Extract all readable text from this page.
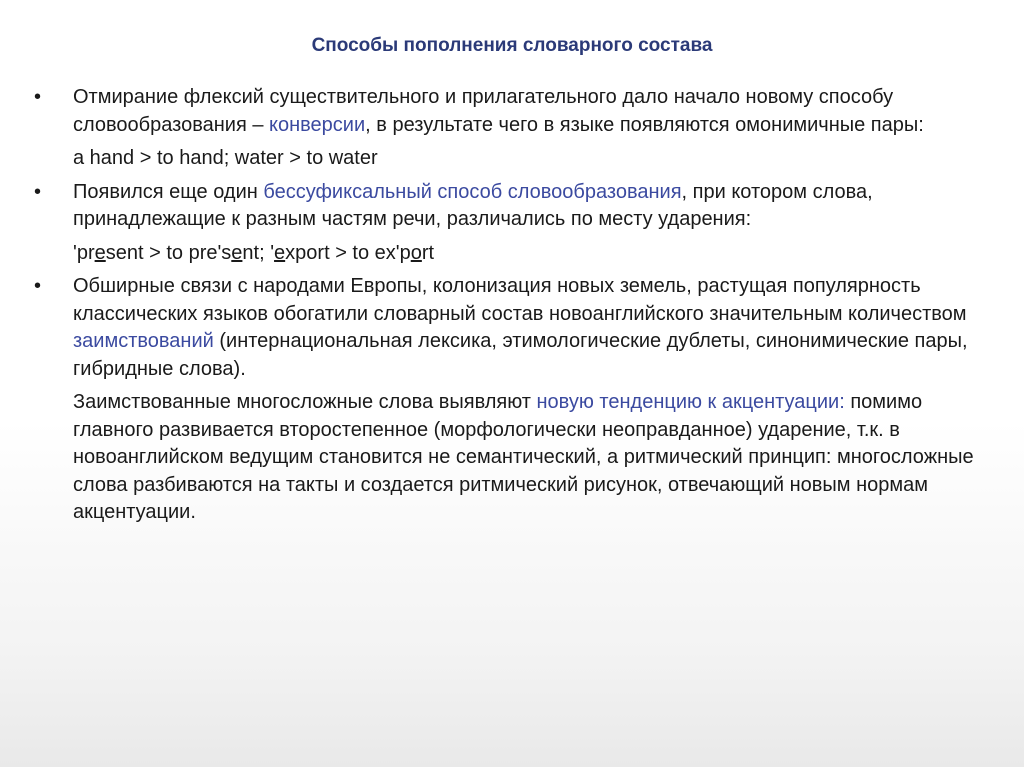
Способы пополнения словарного состава
• Отмирание флексий существительного и прилагательного дало начало новому способу словообразования – конверсии, в результате чего в языке появляются омонимичные пары:
a hand > to hand; water > to water
• Появился еще один бессуфиксальный способ словообразования, при котором слова, принадлежащие к разным частям речи, различались по месту ударения:
'present > to pre'sent; 'export > to ex'port
• Обширные связи с народами Европы, колонизация новых земель, растущая популярность классических языков обогатили словарный состав новоанглийского значительным количеством заимствований (интернациональная лексика, этимологические дублеты, синонимические пары, гибридные слова).
Заимствованные многосложные слова выявляют новую тенденцию к акцентуации: помимо главного развивается второстепенное (морфологически неоправданное) ударение, т.к. в новоанглийском ведущим становится не семантический, а ритмический принцип: многосложные слова разбиваются на такты и создается ритмический рисунок, отвечающий новым нормам акцентуации.
